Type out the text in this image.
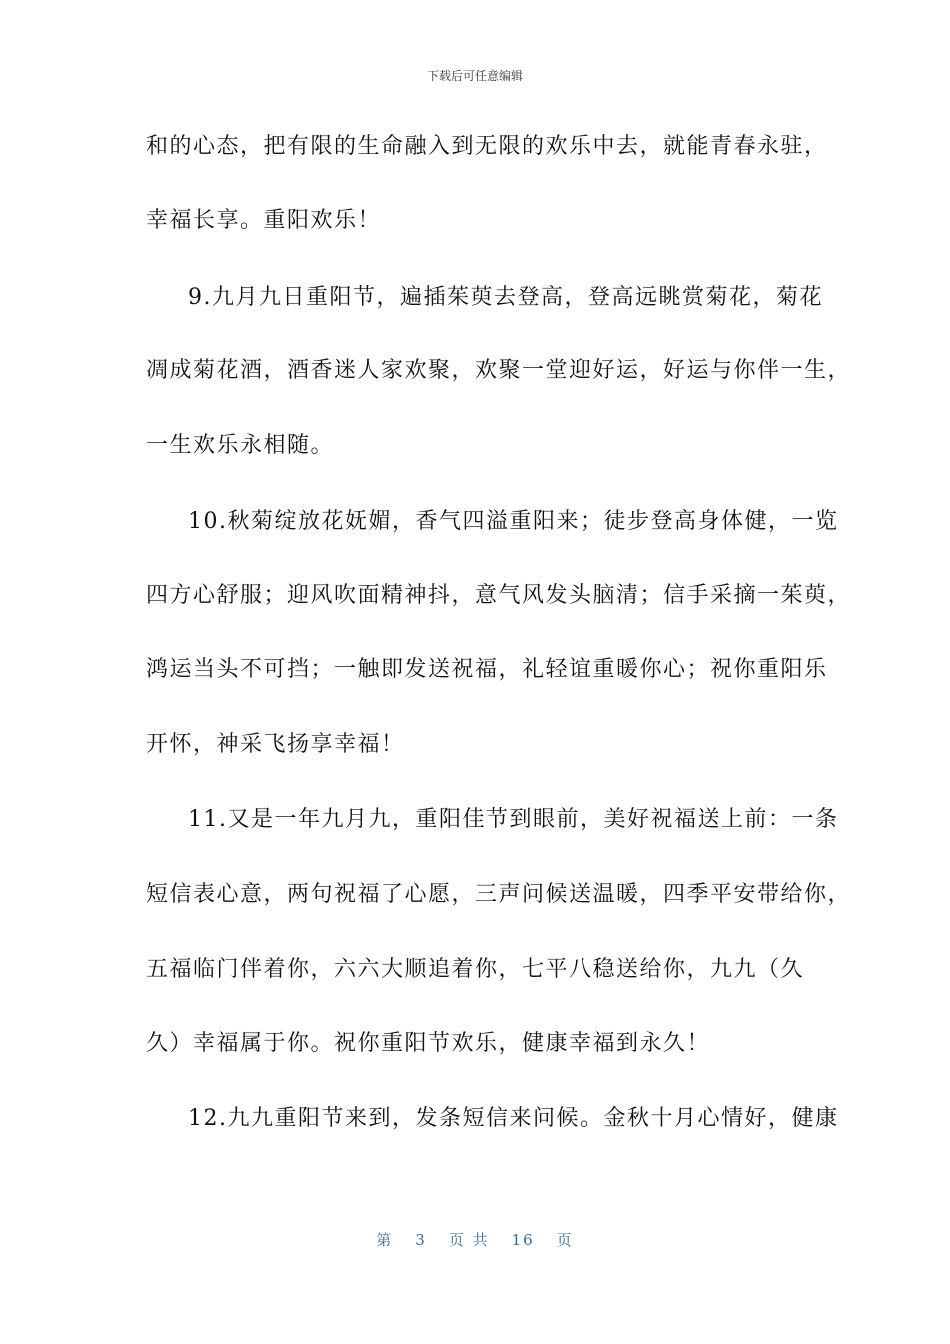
下载后可任意编辑
和的心态，把有限的生命融入到无限的欢乐中去，就能青春永驻，
幸福长享。重阳欢乐！
9.九月九日重阳节，遍插茱萸去登高，登高远眺赏菊花，菊花
凋成菊花酒，酒香迷人家欢聚，欢聚一堂迎好运，好运与你伴一生，
一生欢乐永相随。
10.秋菊绽放花妩媚，香气四溢重阳来；徒步登高身体健，一览
四方心舒服；迎风吹面精神抖，意气风发头脑清；信手采摘一茱萸，
鸿运当头不可挡；一触即发送祝福，礼轻谊重暖你心；祝你重阳乐
开怀，神采飞扬享幸福！
11.又是一年九月九，重阳佳节到眼前，美好祝福送上前：一条
短信表心意，两句祝福了心愿，三声问候送温暖，四季平安带给你，
五福临门伴着你，六六大顺追着你，七平八稳送给你，九九（久
久）幸福属于你。祝你重阳节欢乐，健康幸福到永久！
12.九九重阳节来到，发条短信来问候。金秋十月心情好，健康
第 3 页 共 16 页
